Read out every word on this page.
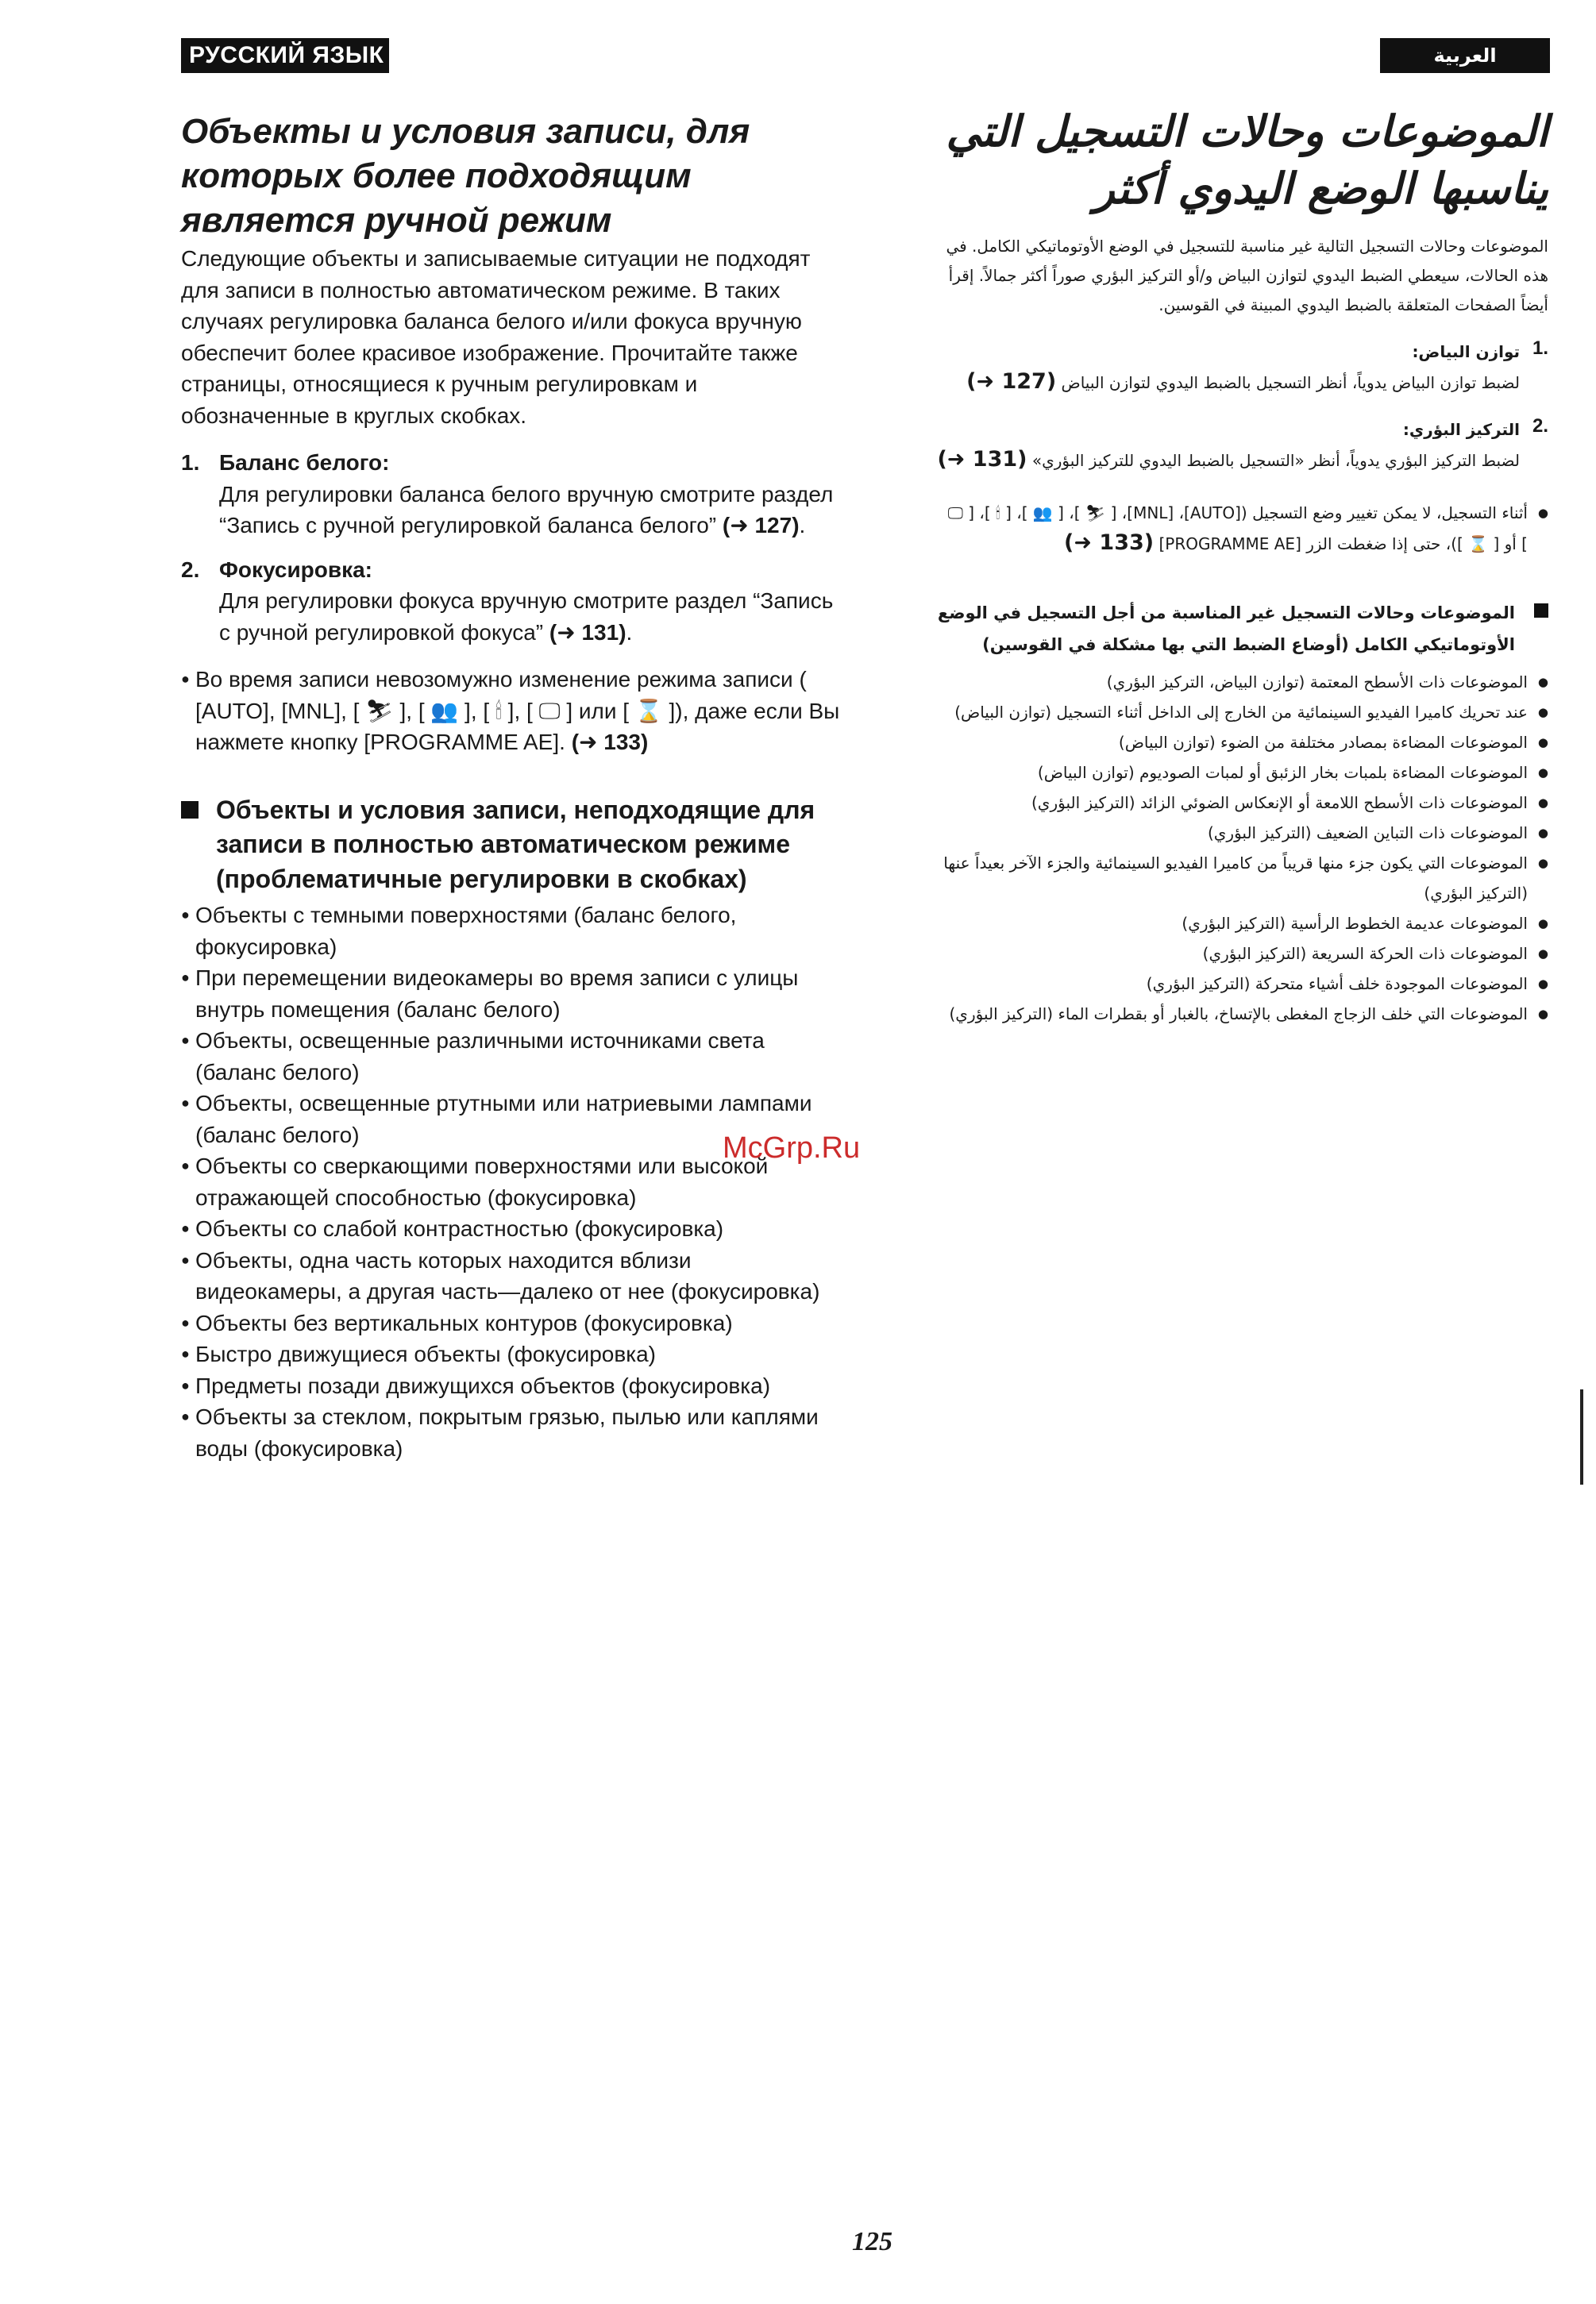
РУССКИЙ ЯЗЫК	العربية
Объекты и условия записи, для которых более подходящим является ручной режим

Следующие объекты и записываемые ситуации не подходят для записи в полностью автоматическом режиме. В таких случаях регулировка баланса белого и/или фокуса вручную обеспечит более красивое изображение. Прочитайте также страницы, относящиеся к ручным регулировкам и обозначенные в круглых скобках.

1. Баланс белого:
Для регулировки баланса белого вручную смотрите раздел “Запись с ручной регулировкой баланса белого” (➜ 127).
2. Фокусировка:
Для регулировки фокуса вручную смотрите раздел “Запись с ручной регулировкой фокуса” (➜ 131).
● Во время записи невозомужно изменение режима записи ( [AUTO], [MNL], [ ⛷ ], [ 👥 ], [ 🕯 ], [ 🖵 ] или [ ⌛ ]), даже если Вы нажмете кнопку [PROGRAMME AE]. (➜ 133)
Объекты и условия записи, неподходящие для записи в полностью автоматическом режиме (проблематичные регулировки в скобках)
● Объекты с темными поверхностями (баланс белого, фокусировка)
● При перемещении видеокамеры во время записи с улицы внутрь помещения (баланс белого)
● Объекты, освещенные различными источниками света (баланс белого)
● Объекты, освещенные ртутными или натриевыми лампами (баланс белого)
● Объекты со сверкающими поверхностями или высокой отражающей способностью (фокусировка)
● Объекты со слабой контрастностью (фокусировка)
● Объекты, одна часть которых находится вблизи видеокамеры, а другая часть—далеко от нее (фокусировка)
● Объекты без вертикальных контуров (фокусировка)
● Быстро движущиеся объекты (фокусировка)
● Предметы позади движущихся объектов (фокусировка)
● Объекты за стеклом, покрытым грязью, пылью или каплями воды (фокусировка)
الموضوعات وحالات التسجيل التي يناسبها الوضع اليدوي أكثر

الموضوعات وحالات التسجيل التالية غير مناسبة للتسجيل في الوضع الأوتوماتيكي الكامل. في هذه الحالات، سيعطي الضبط اليدوي لتوازن البياض و/أو التركيز البؤري صوراً أكثر جمالاً. إقرأ أيضاً الصفحات المتعلقة بالضبط اليدوي المبينة في القوسين.

.1
توازن البياض:
لضبط توازن البياض يدوياً، أنظر التسجيل بالضبط اليدوي لتوازن البياض (➜ 127)
.2
التركيز البؤري:
لضبط التركيز البؤري يدوياً، أنظر «التسجيل بالضبط اليدوي للتركيز البؤري» (➜ 131)
● أثناء التسجيل، لا يمكن تغيير وضع التسجيل ([AUTO]، [MNL]، [ ⛷ ]، [ 👥 ]، [ 🕯 ]، [ 🖵 ] أو [ ⌛ ])، حتى إذا ضغطت الزر [PROGRAMME AE] (➜ 133)
الموضوعات وحالات التسجيل غير المناسبة من أجل التسجيل في الوضع الأوتوماتيكي الكامل (أوضاع الضبط التي بها مشكلة في القوسين)
● الموضوعات ذات الأسطح المعتمة (توازن البياض، التركيز البؤري)
● عند تحريك كاميرا الفيديو السينمائية من الخارج إلى الداخل أثناء التسجيل (توازن البياض)
● الموضوعات المضاءة بمصادر مختلفة من الضوء (توازن البياض)
● الموضوعات المضاءة بلمبات بخار الزئبق أو لمبات الصوديوم (توازن البياض)
● الموضوعات ذات الأسطح اللامعة أو الإنعكاس الضوئي الزائد (التركيز البؤري)
● الموضوعات ذات التباين الضعيف (التركيز البؤري)
● الموضوعات التي يكون جزء منها قريباً من كاميرا الفيديو السينمائية والجزء الآخر بعيداً عنها (التركيز البؤري)
● الموضوعات عديمة الخطوط الرأسية (التركيز البؤري)
● الموضوعات ذات الحركة السريعة (التركيز البؤري)
● الموضوعات الموجودة خلف أشياء متحركة (التركيز البؤري)
● الموضوعات التي خلف الزجاج المغطى بالإتساخ، بالغبار أو بقطرات الماء (التركيز البؤري)
McGrp.Ru
125
